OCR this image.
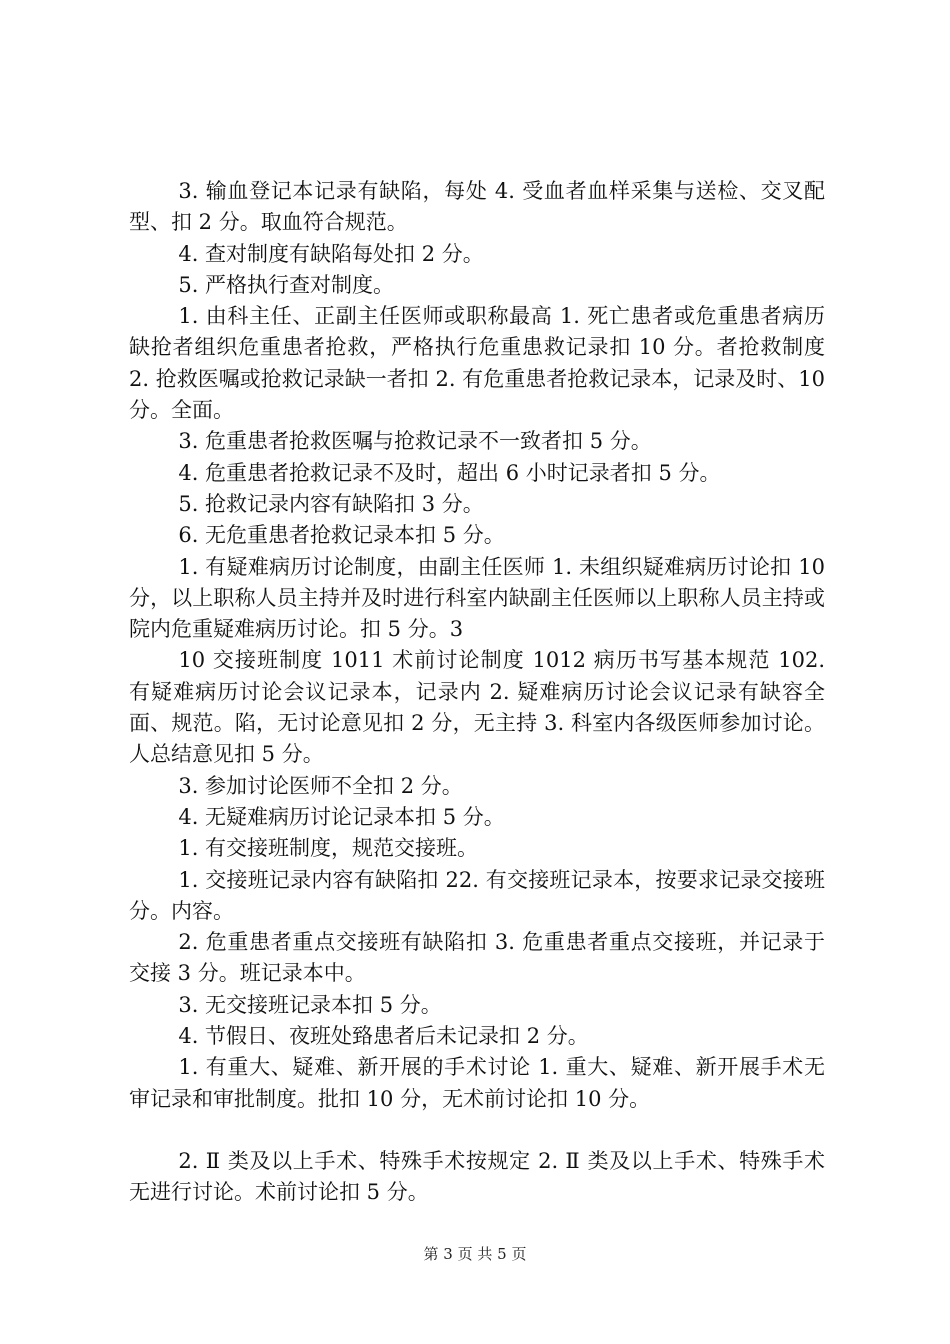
3. 输血登记本记录有缺陷，每处 4. 受血者血样采集与送检、交叉配型、扣 2 分。取血符合规范。

4. 查对制度有缺陷每处扣 2 分。

5. 严格执行查对制度。

1. 由科主任、正副主任医师或职称最高 1. 死亡患者或危重患者病历缺抢者组织危重患者抢救，严格执行危重患救记录扣 10 分。者抢救制度 2. 抢救医嘱或抢救记录缺一者扣 2. 有危重患者抢救记录本，记录及时、10 分。全面。

3. 危重患者抢救医嘱与抢救记录不一致者扣 5 分。

4. 危重患者抢救记录不及时，超出 6 小时记录者扣 5 分。

5. 抢救记录内容有缺陷扣 3 分。

6. 无危重患者抢救记录本扣 5 分。

1. 有疑难病历讨论制度，由副主任医师 1. 未组织疑难病历讨论扣 10 分，以上职称人员主持并及时进行科室内缺副主任医师以上职称人员主持或院内危重疑难病历讨论。扣 5 分。3

10 交接班制度 1011 术前讨论制度 1012 病历书写基本规范 102. 有疑难病历讨论会议记录本，记录内 2. 疑难病历讨论会议记录有缺容全面、规范。陷，无讨论意见扣 2 分，无主持 3. 科室内各级医师参加讨论。人总结意见扣 5 分。

3. 参加讨论医师不全扣 2 分。

4. 无疑难病历讨论记录本扣 5 分。

1. 有交接班制度，规范交接班。

1. 交接班记录内容有缺陷扣 22. 有交接班记录本，按要求记录交接班分。内容。

2. 危重患者重点交接班有缺陷扣 3. 危重患者重点交接班，并记录于交接 3 分。班记录本中。

3. 无交接班记录本扣 5 分。

4. 节假日、夜班处臵患者后未记录扣 2 分。

1. 有重大、疑难、新开展的手术讨论 1. 重大、疑难、新开展手术无审记录和审批制度。批扣 10 分，无术前讨论扣 10 分。

2. Ⅱ 类及以上手术、特殊手术按规定 2. Ⅱ 类及以上手术、特殊手术无进行讨论。术前讨论扣 5 分。

第 3 页 共 5 页
